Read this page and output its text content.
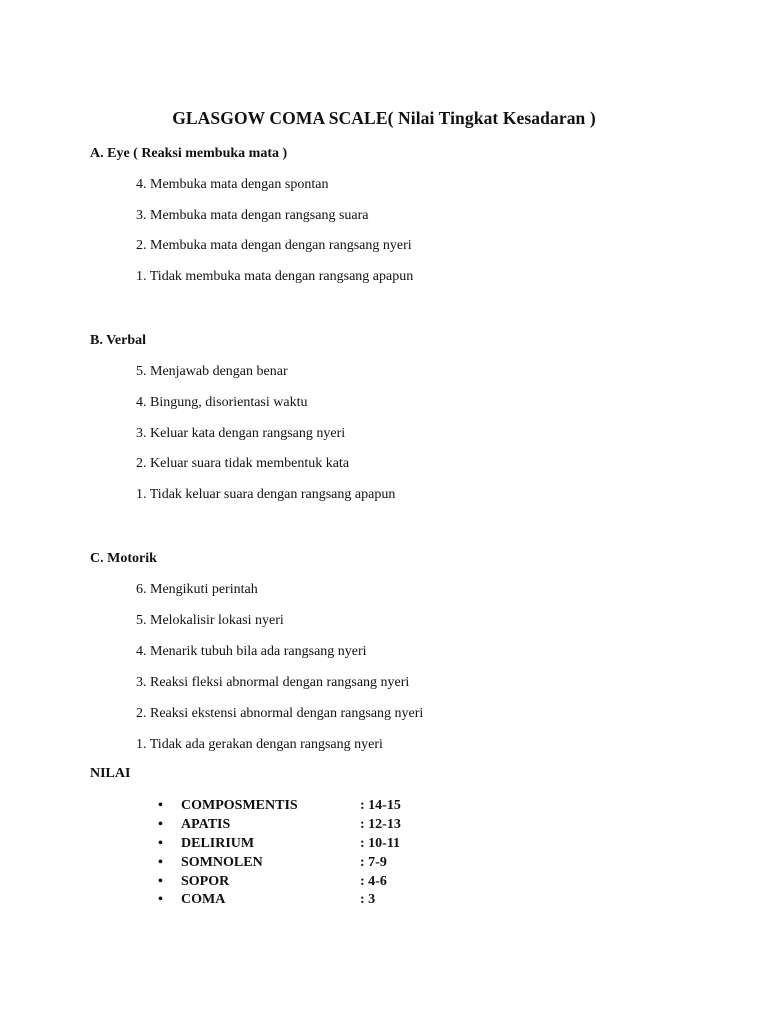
GLASGOW COMA SCALE( Nilai Tingkat Kesadaran )
A. Eye ( Reaksi membuka mata )
4. Membuka mata dengan spontan
3. Membuka mata dengan rangsang suara
2. Membuka mata dengan dengan rangsang nyeri
1. Tidak membuka mata dengan rangsang apapun
B. Verbal
5. Menjawab dengan benar
4. Bingung, disorientasi waktu
3. Keluar kata dengan rangsang nyeri
2. Keluar suara tidak membentuk kata
1. Tidak keluar suara dengan rangsang apapun
C. Motorik
6. Mengikuti perintah
5. Melokalisir lokasi nyeri
4. Menarik tubuh bila ada rangsang nyeri
3. Reaksi fleksi abnormal dengan rangsang nyeri
2. Reaksi ekstensi abnormal dengan rangsang nyeri
1. Tidak ada gerakan dengan rangsang nyeri
NILAI
• COMPOSMENTIS	: 14-15
• APATIS	: 12-13
• DELIRIUM	: 10-11
• SOMNOLEN	: 7-9
• SOPOR	: 4-6
• COMA	: 3
